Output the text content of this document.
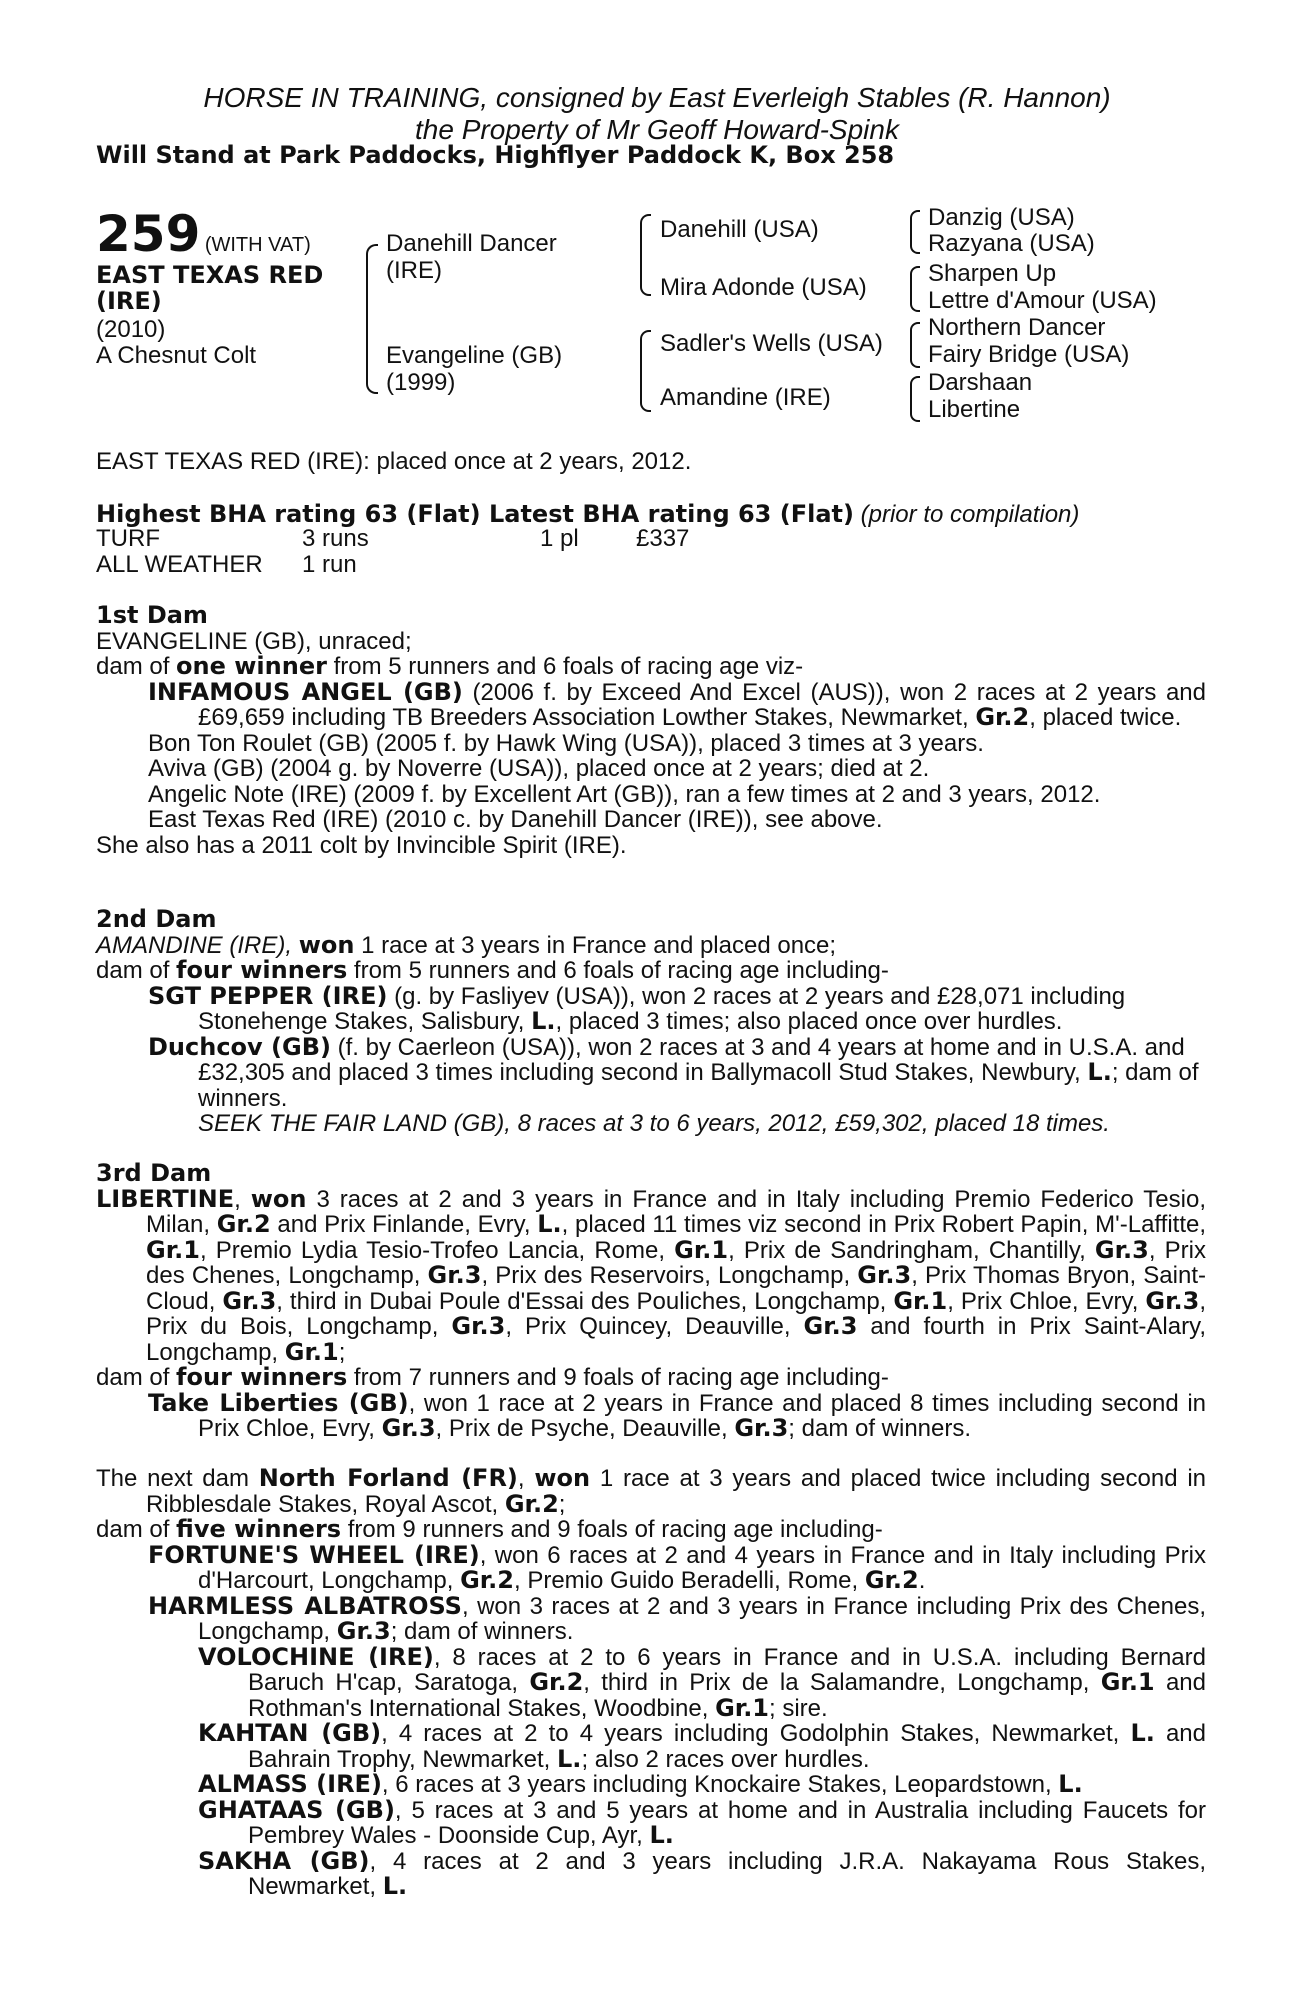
HORSE IN TRAINING, consigned by East Everleigh Stables (R. Hannon)
the Property of Mr Geoff Howard-Spink
Will Stand at Park Paddocks, Highflyer Paddock K, Box 258
259 (WITH VAT)
EAST TEXAS RED
(IRE)
(2010)
A Chesnut Colt
Danehill Dancer
(IRE)
Evangeline (GB)
(1999)
Danehill (USA)
Mira Adonde (USA)
Sadler's Wells (USA)
Amandine (IRE)
Danzig (USA)
Razyana (USA)
Sharpen Up
Lettre d'Amour (USA)
Northern Dancer
Fairy Bridge (USA)
Darshaan
Libertine
EAST TEXAS RED (IRE): placed once at 2 years, 2012.
Highest BHA rating 63 (Flat) Latest BHA rating 63 (Flat) (prior to compilation)
TURF	3 runs	1 pl £337
ALL WEATHER 1 run

1st Dam

EVANGELINE (GB), unraced;

dam of one winner from 5 runners and 6 foals of racing age viz-

INFAMOUS ANGEL (GB) (2006 f. by Exceed And Excel (AUS)), won 2 races at 2 years and £69,659 including TB Breeders Association Lowther Stakes, Newmarket, Gr.2, placed twice.

Bon Ton Roulet (GB) (2005 f. by Hawk Wing (USA)), placed 3 times at 3 years.

Aviva (GB) (2004 g. by Noverre (USA)), placed once at 2 years; died at 2.

Angelic Note (IRE) (2009 f. by Excellent Art (GB)), ran a few times at 2 and 3 years, 2012.

East Texas Red (IRE) (2010 c. by Danehill Dancer (IRE)), see above.

She also has a 2011 colt by Invincible Spirit (IRE).

2nd Dam

AMANDINE (IRE), won 1 race at 3 years in France and placed once;

dam of four winners from 5 runners and 6 foals of racing age including-

SGT PEPPER (IRE) (g. by Fasliyev (USA)), won 2 races at 2 years and £28,071 including Stonehenge Stakes, Salisbury, L., placed 3 times; also placed once over hurdles.

Duchcov (GB) (f. by Caerleon (USA)), won 2 races at 3 and 4 years at home and in U.S.A. and £32,305 and placed 3 times including second in Ballymacoll Stud Stakes, Newbury, L.; dam of winners.

SEEK THE FAIR LAND (GB), 8 races at 3 to 6 years, 2012, £59,302, placed 18 times.

3rd Dam

LIBERTINE, won 3 races at 2 and 3 years in France and in Italy including Premio Federico Tesio, Milan, Gr.2 and Prix Finlande, Evry, L., placed 11 times viz second in Prix Robert Papin, M'-Laffitte, Gr.1, Premio Lydia Tesio-Trofeo Lancia, Rome, Gr.1, Prix de Sandringham, Chantilly, Gr.3, Prix des Chenes, Longchamp, Gr.3, Prix des Reservoirs, Longchamp, Gr.3, Prix Thomas Bryon, Saint-Cloud, Gr.3, third in Dubai Poule d'Essai des Pouliches, Longchamp, Gr.1, Prix Chloe, Evry, Gr.3, Prix du Bois, Longchamp, Gr.3, Prix Quincey, Deauville, Gr.3 and fourth in Prix Saint-Alary, Longchamp, Gr.1;

dam of four winners from 7 runners and 9 foals of racing age including-

Take Liberties (GB), won 1 race at 2 years in France and placed 8 times including second in Prix Chloe, Evry, Gr.3, Prix de Psyche, Deauville, Gr.3; dam of winners.

The next dam North Forland (FR), won 1 race at 3 years and placed twice including second in Ribblesdale Stakes, Royal Ascot, Gr.2;

dam of five winners from 9 runners and 9 foals of racing age including-

FORTUNE'S WHEEL (IRE), won 6 races at 2 and 4 years in France and in Italy including Prix d'Harcourt, Longchamp, Gr.2, Premio Guido Beradelli, Rome, Gr.2.

HARMLESS ALBATROSS, won 3 races at 2 and 3 years in France including Prix des Chenes, Longchamp, Gr.3; dam of winners.

VOLOCHINE (IRE), 8 races at 2 to 6 years in France and in U.S.A. including Bernard Baruch H'cap, Saratoga, Gr.2, third in Prix de la Salamandre, Longchamp, Gr.1 and Rothman's International Stakes, Woodbine, Gr.1; sire.

KAHTAN (GB), 4 races at 2 to 4 years including Godolphin Stakes, Newmarket, L. and Bahrain Trophy, Newmarket, L.; also 2 races over hurdles.

ALMASS (IRE), 6 races at 3 years including Knockaire Stakes, Leopardstown, L.

GHATAAS (GB), 5 races at 3 and 5 years at home and in Australia including Faucets for Pembrey Wales - Doonside Cup, Ayr, L.

SAKHA (GB), 4 races at 2 and 3 years including J.R.A. Nakayama Rous Stakes, Newmarket, L.
